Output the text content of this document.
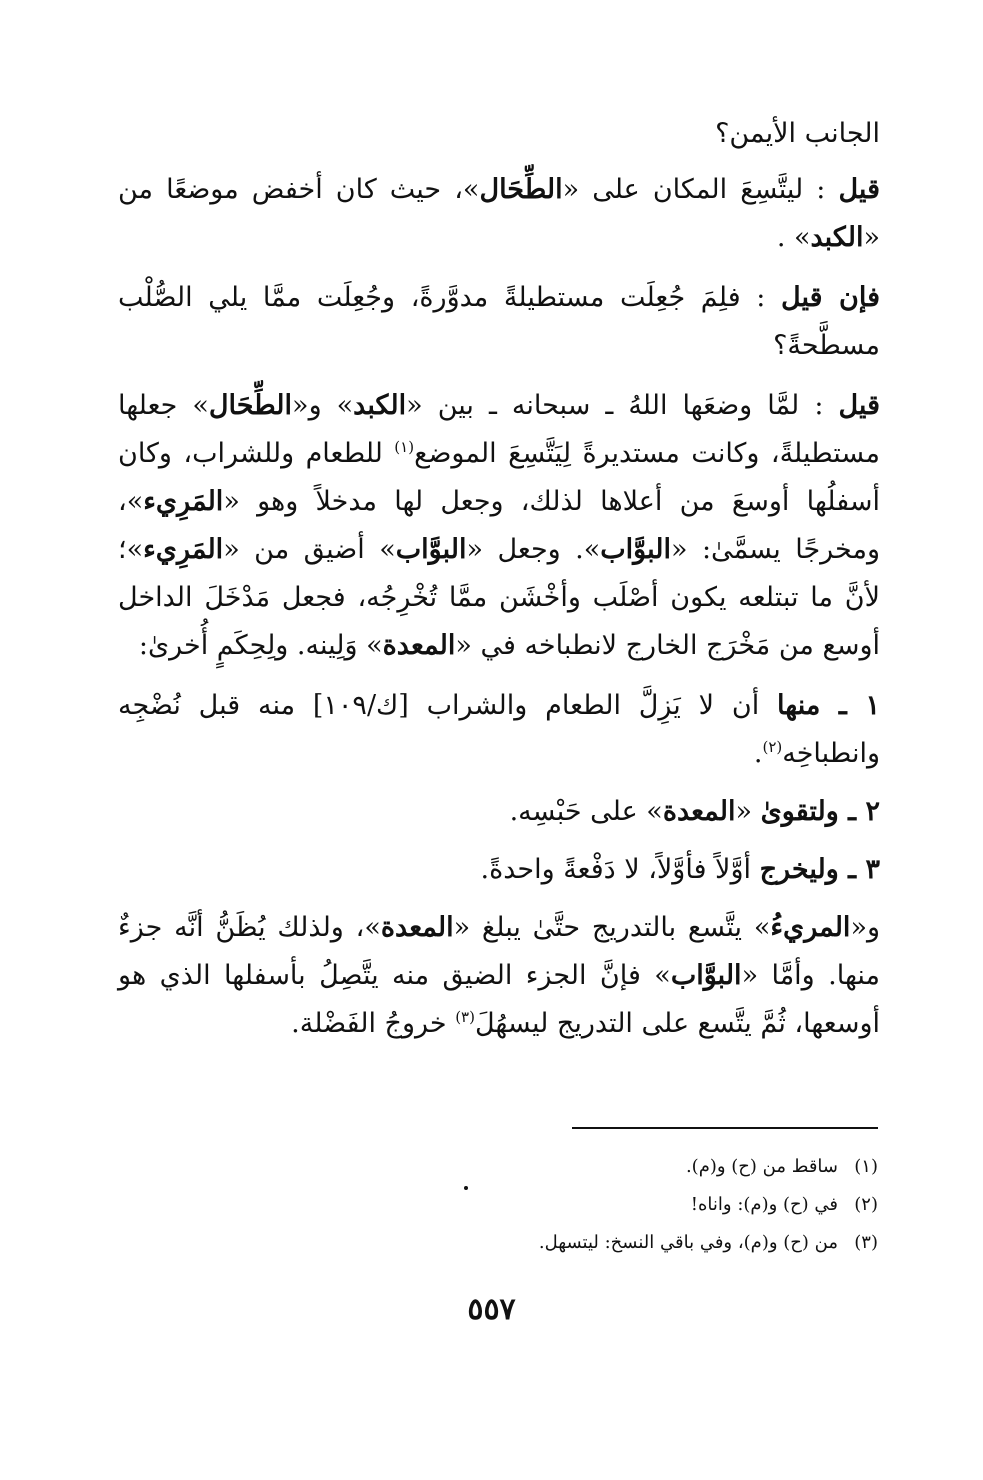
الجانب الأيمن؟
قيل : ليتَّسِعَ المكان على «الطِّحَال»، حيث كان أخفض موضعًا من «الكبد» .
فإن قيل : فلِمَ جُعِلَت مستطيلةً مدوَّرةً، وجُعِلَت ممَّا يلي الصُّلْب مسطَّحةً؟
قيل : لمَّا وضعَها اللهُ ـ سبحانه ـ بين «الكبد» و«الطِّحَال» جعلها مستطيلةً، وكانت مستديرةً لِيَتَّسِعَ الموضع$^{(١)}$ للطعام وللشراب، وكان أسفلُها أوسعَ من أعلاها لذلك، وجعل لها مدخلاً وهو «المَرِيء»، ومخرجًا يسمَّىٰ: «البوَّاب». وجعل «البوَّاب» أضيق من «المَرِيء»؛ لأنَّ ما تبتلعه يكون أصْلَب وأخْشَن ممَّا تُخْرِجُه، فجعل مَدْخَلَ الداخل أوسع من مَخْرَج الخارج لانطباخه في «المعدة» وَلِينه. ولِحِكَمٍ أُخرىٰ:
١ ـ منها أن لا يَزِلَّ الطعام والشراب [ك/١٠٩] منه قبل نُضْجِه وانطباخِه$^{(٢)}$.
٢ ـ ولتقوىٰ «المعدة» على حَبْسِه.
٣ ـ وليخرج أوَّلاً فأوَّلاً، لا دَفْعةً واحدةً.
و«المريءُ» يتَّسع بالتدريج حتَّىٰ يبلغ «المعدة»، ولذلك يُظَنُّ أنَّه جزءٌ منها. وأمَّا «البوَّاب» فإنَّ الجزء الضيق منه يتَّصِلُ بأسفلها الذي هو أوسعها، ثُمَّ يتَّسع على التدريج ليسهُلَ$^{(٣)}$ خروجُ الفَضْلة.
(١)ساقط من (ح) و(م).
(٢)في (ح) و(م): واناه!
(٣)من (ح) و(م)، وفي باقي النسخ: ليتسهل.
٥٥٧
